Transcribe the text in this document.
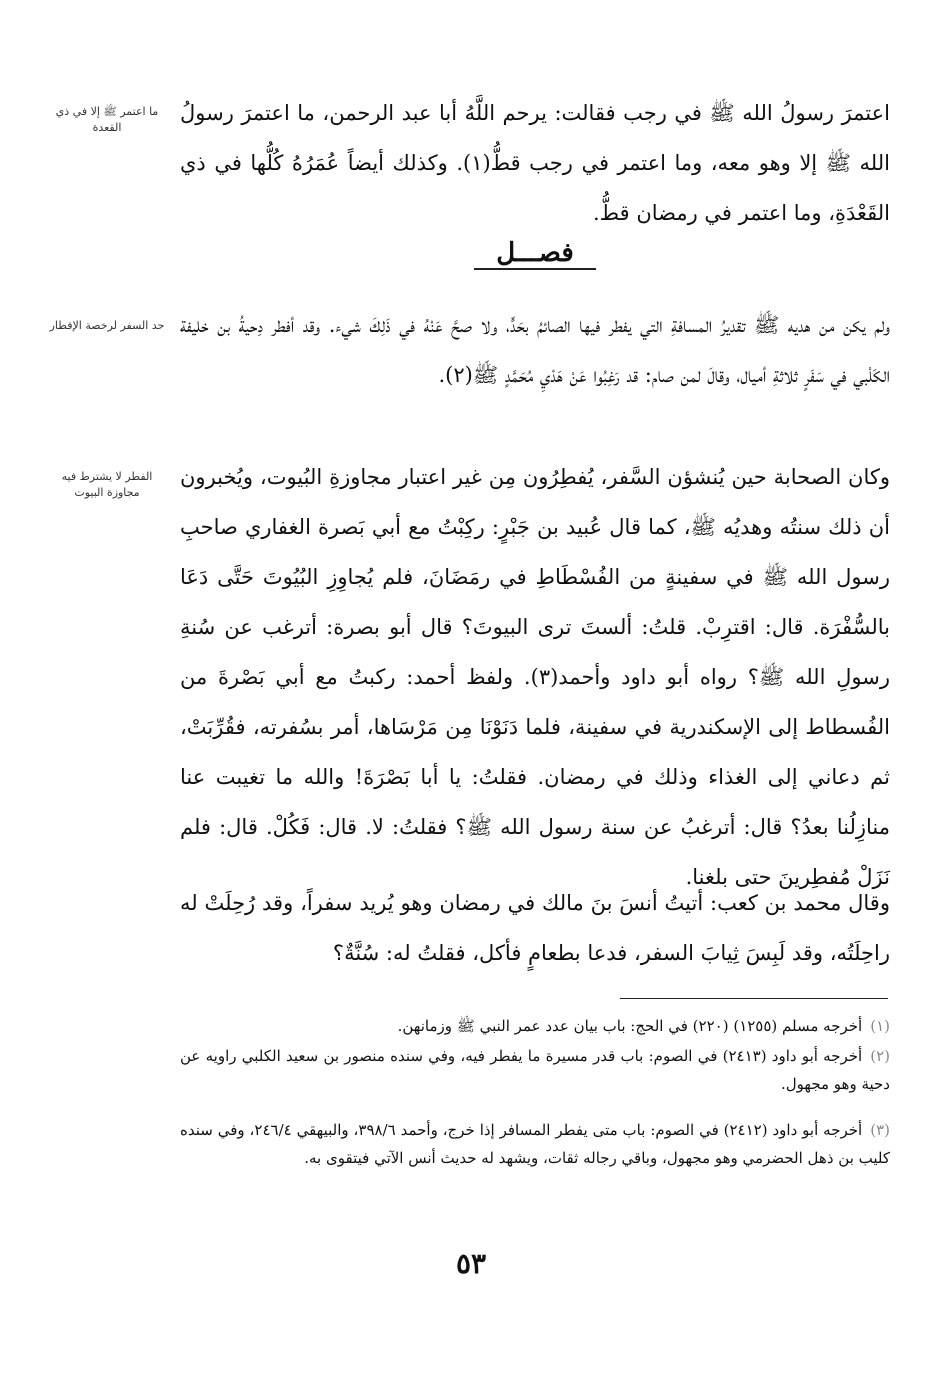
ما اعتمر ﷺ إلا في ذي القعدة

اعتمرَ رسولُ الله ﷺ في رجب فقالت: يرحم اللَّهُ أبا عبد الرحمن، ما اعتمرَ رسولُ الله ﷺ إلا وهو معه، وما اعتمر في رجب قطُّ(١). وكذلك أيضاً عُمَرُهُ كُلُّها في ذي القَعْدَةِ، وما اعتمر في رمضان قطُّ.

فصـــل
حد السفر لرخصة الإفطار ولم يكن من هديه ﷺ تقديرُ المسافةِ التي يفطر فيها الصائمُ بحَدٍّ، ولا صحَّ عَنْهُ في ذَلِكَ شيء. وقد أفطر دِحيةُ بن خليفة الكَلْبي في سَفَرٍ ثلاثةِ أميال، وقالَ لمن صام: قد رَغِبُوا عَنْ هَدْيِ مُحَمَّدٍ ﷺ(٢).

الفطر لا يشترط فيه مجاوزة البيوت

وكان الصحابة حين يُنشؤن السَّفر، يُفطِرُون مِن غير اعتبار مجاوزةِ البُيوت، ويُخبرون أن ذلك سنتُه وهديُه ﷺ، كما قال عُبيد بن جَبْرٍ: ركِبْتُ مع أبي بَصرة الغفاري صاحبِ رسول الله ﷺ في سفينةٍ من الفُسْطَاطِ في رمَضَانَ، فلم يُجاوِزِ البُيُوتَ حَتَّى دَعَا بالسُّفْرَة. قال: اقترِبْ. قلتُ: ألستَ ترى البيوتَ؟ قال أبو بصرة: أترغب عن سُنةِ رسولِ الله ﷺ؟ رواه أبو داود وأحمد(٣). ولفظ أحمد: ركبتُ مع أبي بَصْرةَ من الفُسطاط إلى الإسكندرية في سفينة، فلما دَنَوْنَا مِن مَرْسَاها، أمر بسُفرته، فقُرِّبَتْ، ثم دعاني إلى الغذاء وذلك في رمضان. فقلتُ: يا أبا بَصْرَةَ! والله ما تغيبت عنا منازِلُنا بعدُ؟ قال: أترغبُ عن سنة رسول الله ﷺ؟ فقلتُ: لا. قال: فَكُلْ. قال: فلم نَزَلْ مُفطِرينَ حتى بلغنا.

وقال محمد بن كعب: أتيتُ أنسَ بنَ مالك في رمضان وهو يُريد سفراً، وقد رُحِلَتْ له راحِلَتُه، وقد لَبِسَ ثِيابَ السفر، فدعا بطعامٍ فأكل، فقلتُ له: سُنَّةٌ؟

(١)أخرجه مسلم (١٢٥٥) (٢٢٠) في الحج: باب بيان عدد عمر النبي ﷺ وزمانهن.
(٢)أخرجه أبو داود (٢٤١٣) في الصوم: باب قدر مسيرة ما يفطر فيه، وفي سنده منصور بن سعيد الكلبي راويه عن دحية وهو مجهول.
(٣)أخرجه أبو داود (٢٤١٢) في الصوم: باب متى يفطر المسافر إذا خرج، وأحمد ٣٩٨/٦، والبيهقي ٢٤٦/٤، وفي سنده كليب بن ذهل الحضرمي وهو مجهول، وباقي رجاله ثقات، ويشهد له حديث أنس الآتي فيتقوى به.
٥٣
